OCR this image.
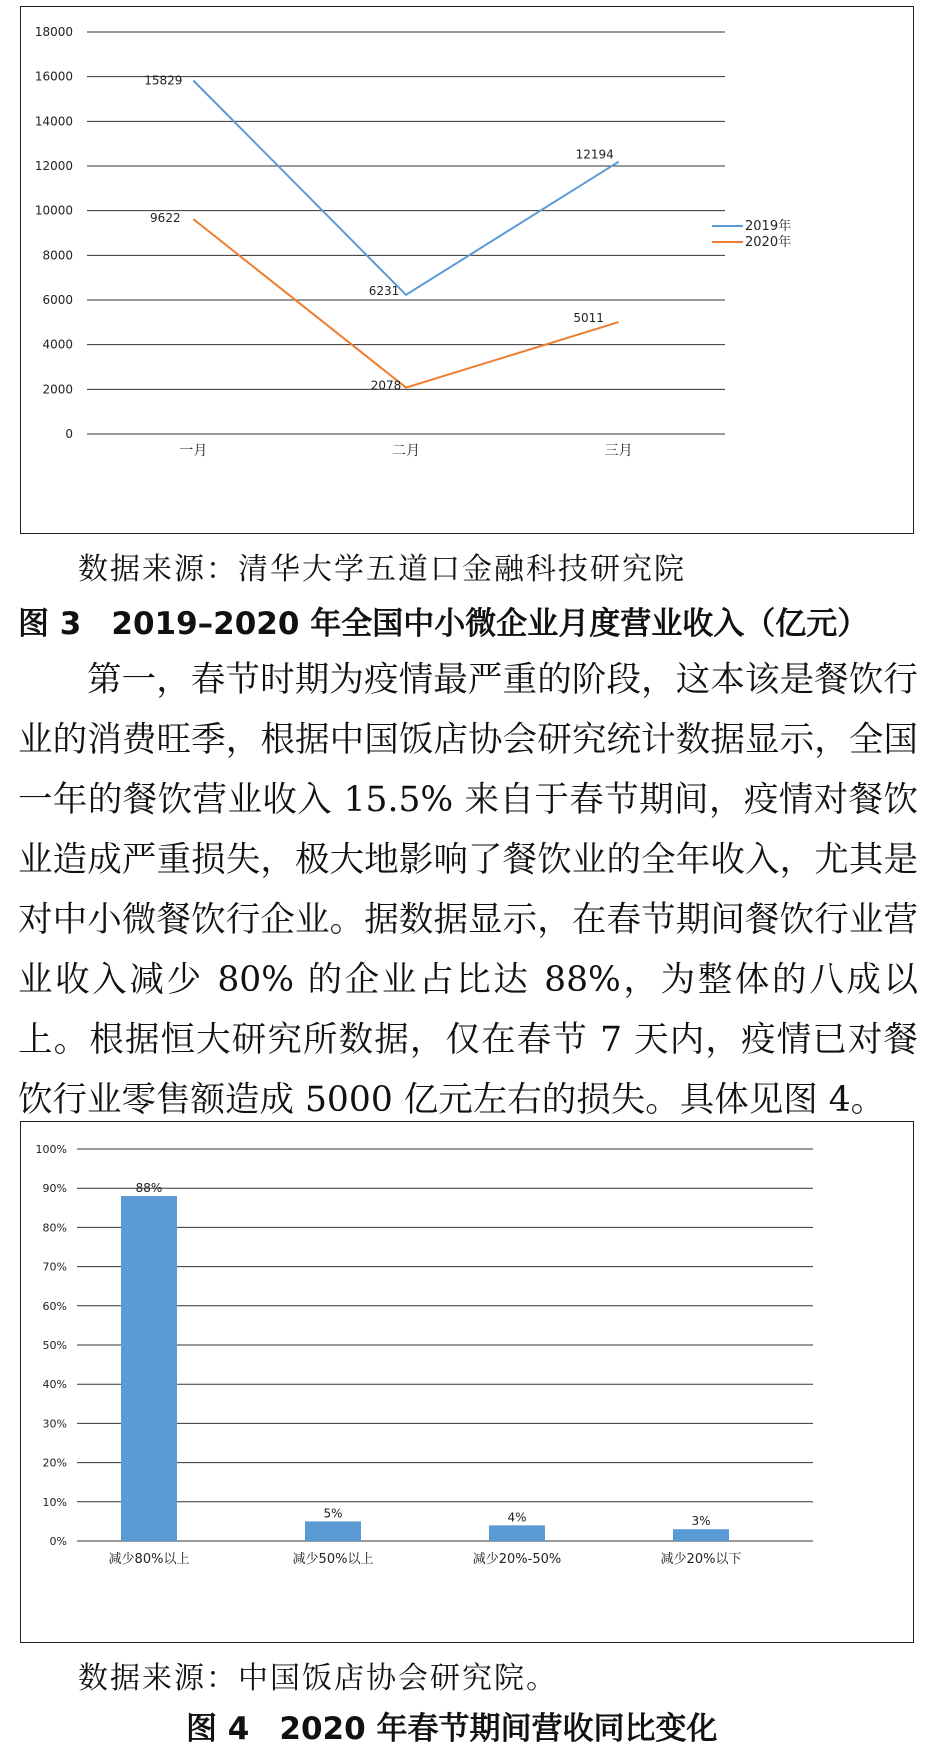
0
2000
4000
6000
8000
10000
12000
14000
16000
18000
一月	二月	三月
15829
6231
12194
2019年
9622
2078
5011
2020年
数据来源：清华大学五道口金融科技研究院
图 3 2019–2020 年全国中小微企业月度营业收入（亿元）

第一，春节时期为疫情最严重的阶段，这本该是餐饮行业的消费旺季，根据中国饭店协会研究统计数据显示，全国一年的餐饮营业收入 15.5% 来自于春节期间，疫情对餐饮业造成严重损失，极大地影响了餐饮业的全年收入，尤其是对中小微餐饮行企业。据数据显示，在春节期间餐饮行业营业收入减少 80% 的企业占比达 88%，为整体的八成以上。根据恒大研究所数据，仅在春节 7 天内，疫情已对餐饮行业零售额造成 5000 亿元左右的损失。具体见图 4。

0%
10%
20%
30%
40%
50%
60%
70%
80%
90%
100%
88%
减少80%以上
5%
减少50%以上
4%
减少20%-50%
3%
减少20%以下
数据来源：中国饭店协会研究院。
图 4 2020 年春节期间营收同比变化
